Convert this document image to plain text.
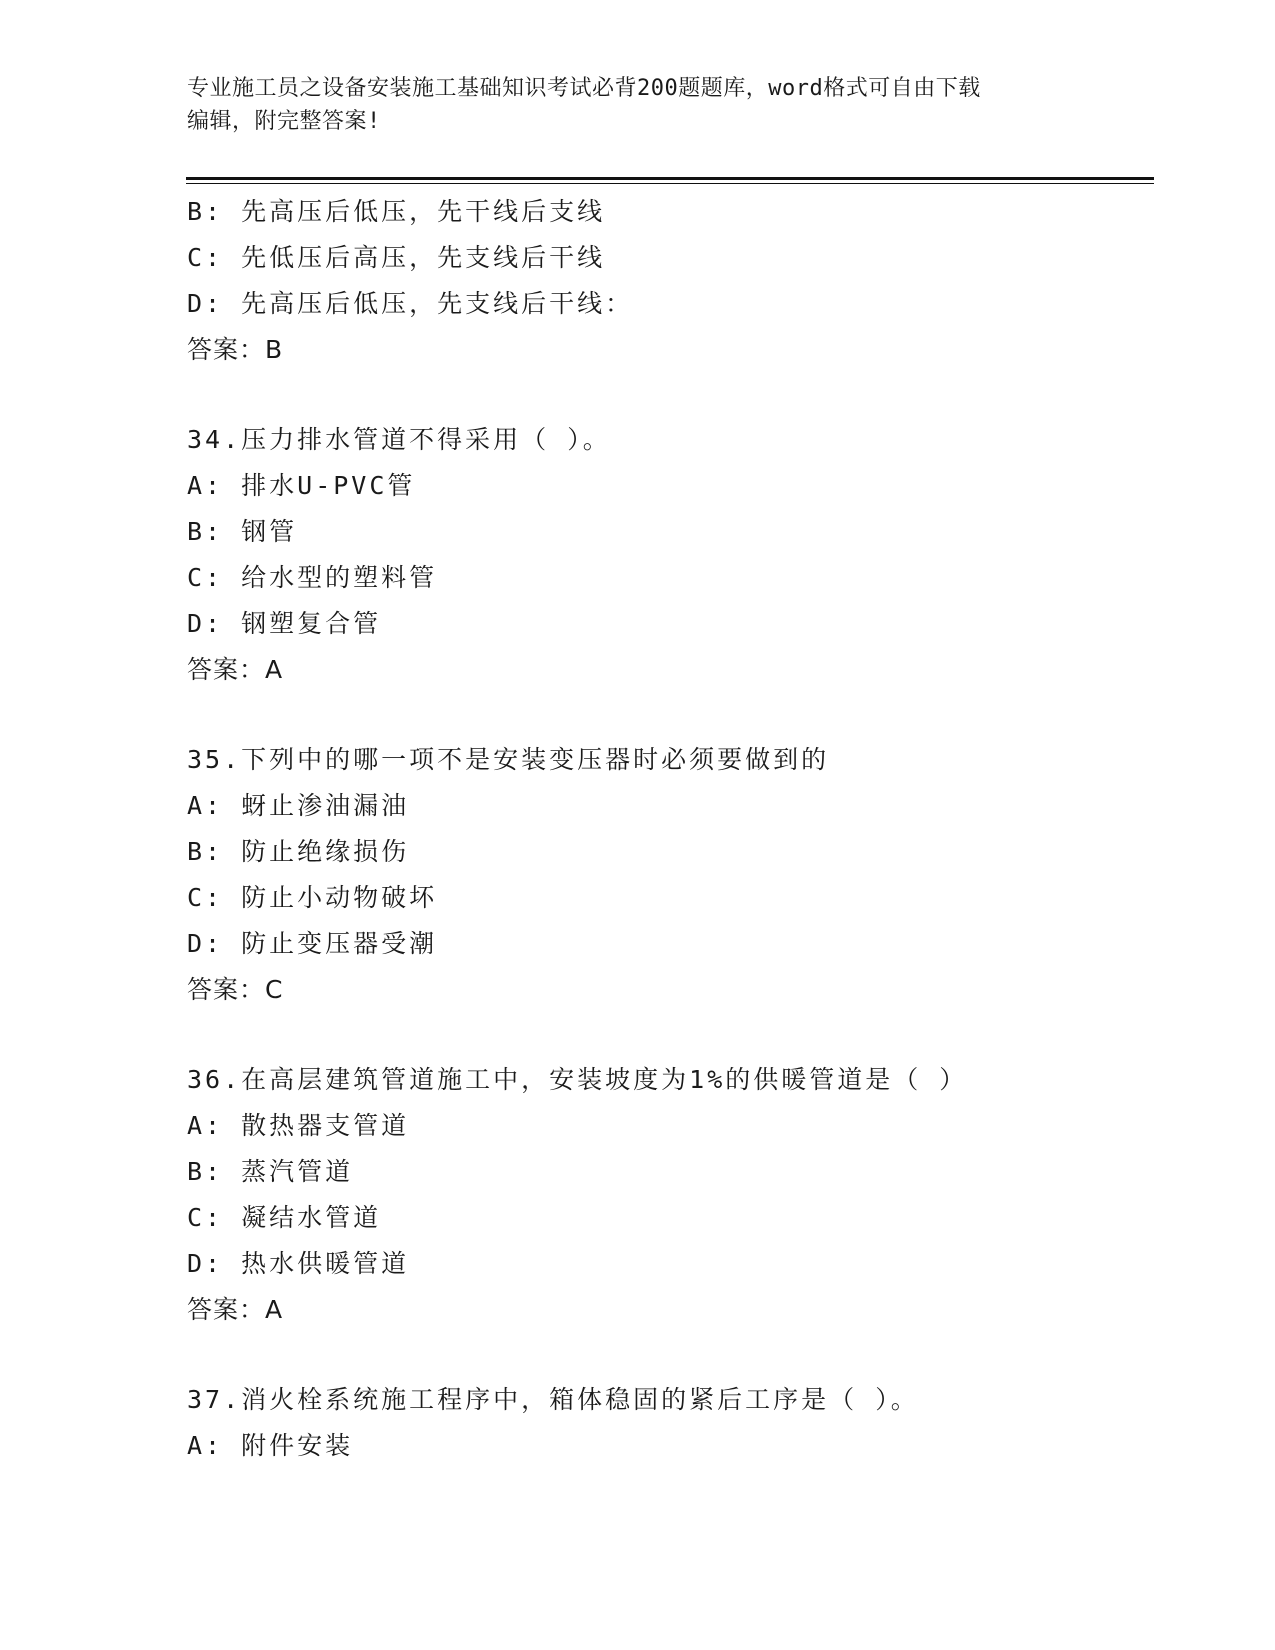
专业施工员之设备安装施工基础知识考试必背200题题库，word格式可自由下载
编辑，附完整答案!
B: 先高压后低压，先干线后支线
C: 先低压后高压，先支线后干线
D: 先高压后低压，先支线后干线：
答案：B
34.压力排水管道不得采用（ ）。
A: 排水U-PVC管
B: 钢管
C: 给水型的塑料管
D: 钢塑复合管
答案：A
35.下列中的哪一项不是安装变压器时必须要做到的
A: 蚜止渗油漏油
B: 防止绝缘损伤
C: 防止小动物破坏
D: 防止变压器受潮
答案：C
36.在高层建筑管道施工中，安装坡度为1%的供暖管道是（ ）
A: 散热器支管道
B: 蒸汽管道
C: 凝结水管道
D: 热水供暖管道
答案：A
37.消火栓系统施工程序中，箱体稳固的紧后工序是（ ）。
A: 附件安装
